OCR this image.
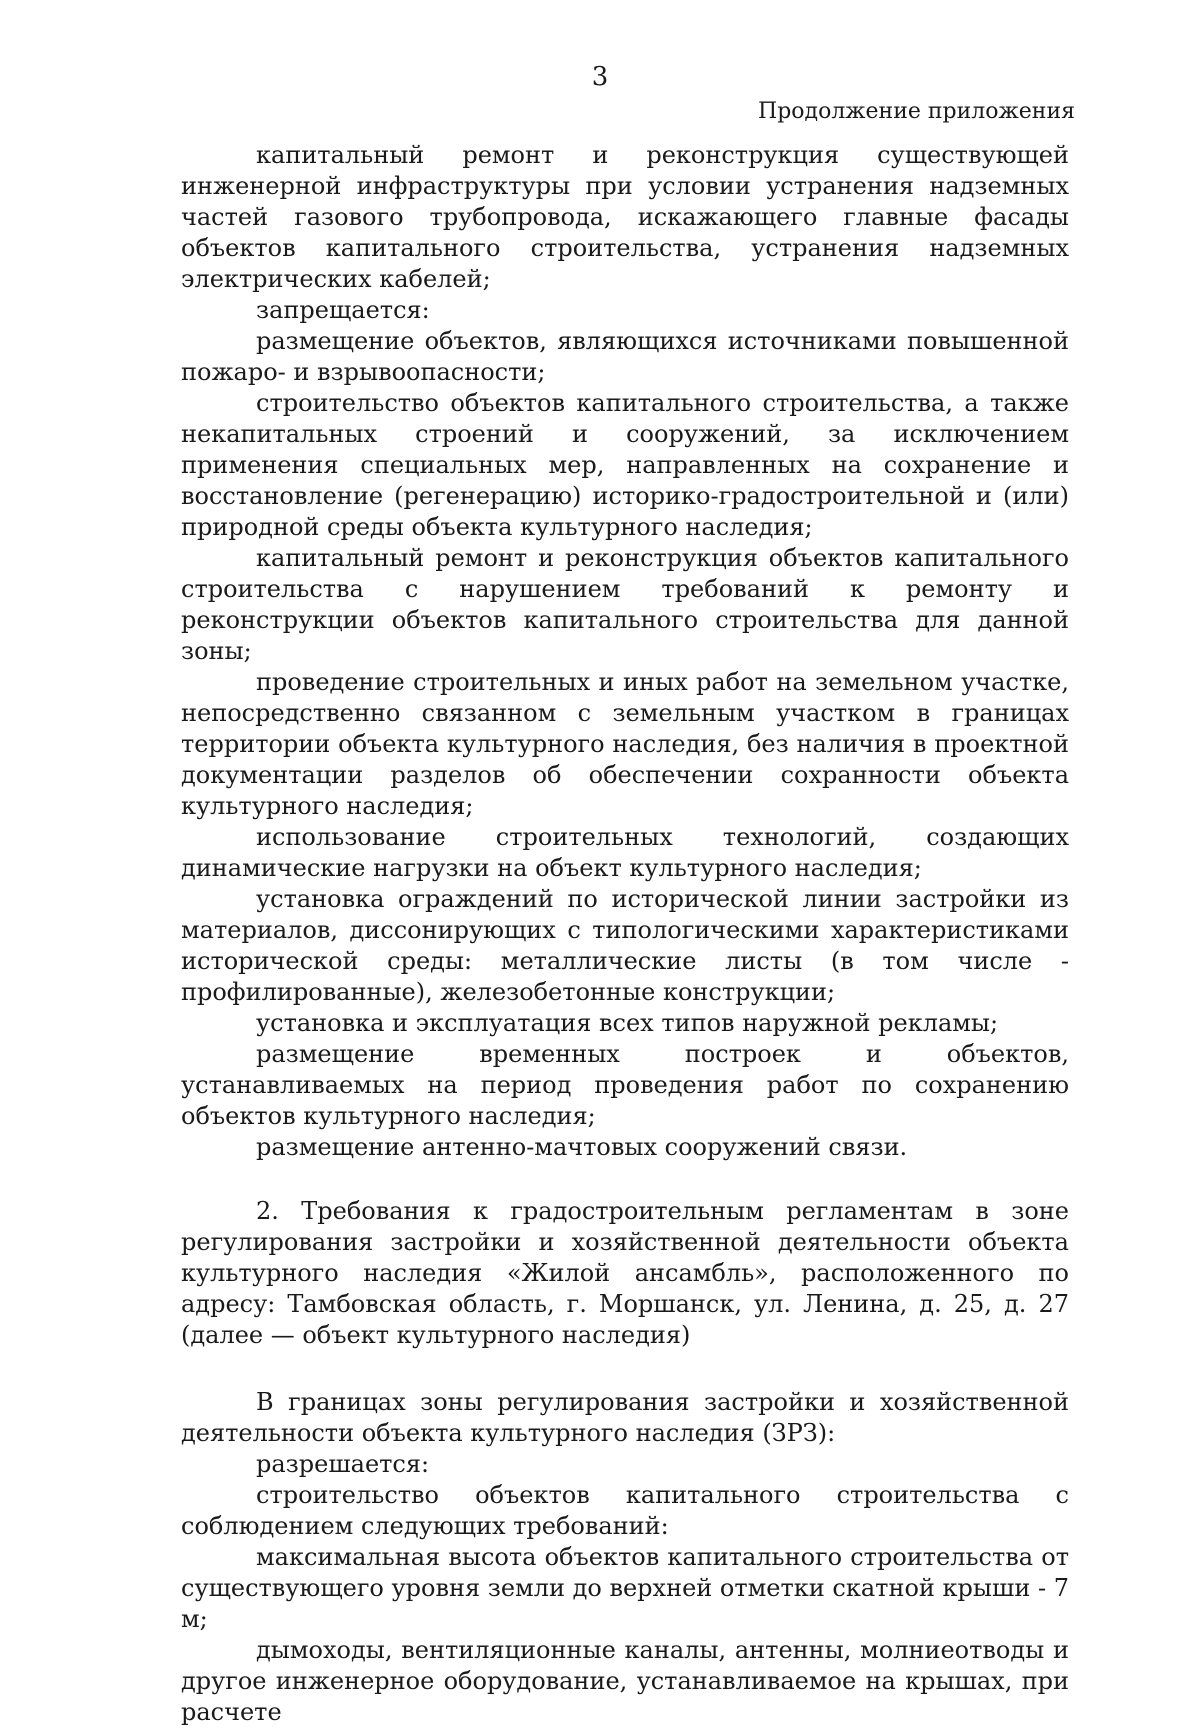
3
Продолжение приложения

капитальный ремонт и реконструкция существующей инженерной инфраструктуры при условии устранения надземных частей газового трубопровода, искажающего главные фасады объектов капитального строительства, устранения надземных электрических кабелей;

запрещается:

размещение объектов, являющихся источниками повышенной пожаро- и взрывоопасности;

строительство объектов капитального строительства, а также некапитальных строений и сооружений, за исключением применения специальных мер, направленных на сохранение и восстановление (регенерацию) историко-градостроительной и (или) природной среды объекта культурного наследия;

капитальный ремонт и реконструкция объектов капитального строительства с нарушением требований к ремонту и реконструкции объектов капитального строительства для данной зоны;

проведение строительных и иных работ на земельном участке, непосредственно связанном с земельным участком в границах территории объекта культурного наследия, без наличия в проектной документации разделов об обеспечении сохранности объекта культурного наследия;

использование строительных технологий, создающих динамические нагрузки на объект культурного наследия;

установка ограждений по исторической линии застройки из материалов, диссонирующих с типологическими характеристиками исторической среды: металлические листы (в том числе - профилированные), железобетонные конструкции;

установка и эксплуатация всех типов наружной рекламы;

размещение временных построек и объектов, устанавливаемых на период проведения работ по сохранению объектов культурного наследия;

размещение антенно-мачтовых сооружений связи.

2. Требования к градостроительным регламентам в зоне регулирования застройки и хозяйственной деятельности объекта культурного наследия «Жилой ансамбль», расположенного по адресу: Тамбовская область, г. Моршанск, ул. Ленина, д. 25, д. 27 (далее — объект культурного наследия)

В границах зоны регулирования застройки и хозяйственной деятельности объекта культурного наследия (ЗРЗ):

разрешается:

строительство объектов капитального строительства с соблюдением следующих требований:

максимальная высота объектов капитального строительства от существующего уровня земли до верхней отметки скатной крыши - 7 м;

дымоходы, вентиляционные каналы, антенны, молниеотводы и другое инженерное оборудование, устанавливаемое на крышах, при расчете
